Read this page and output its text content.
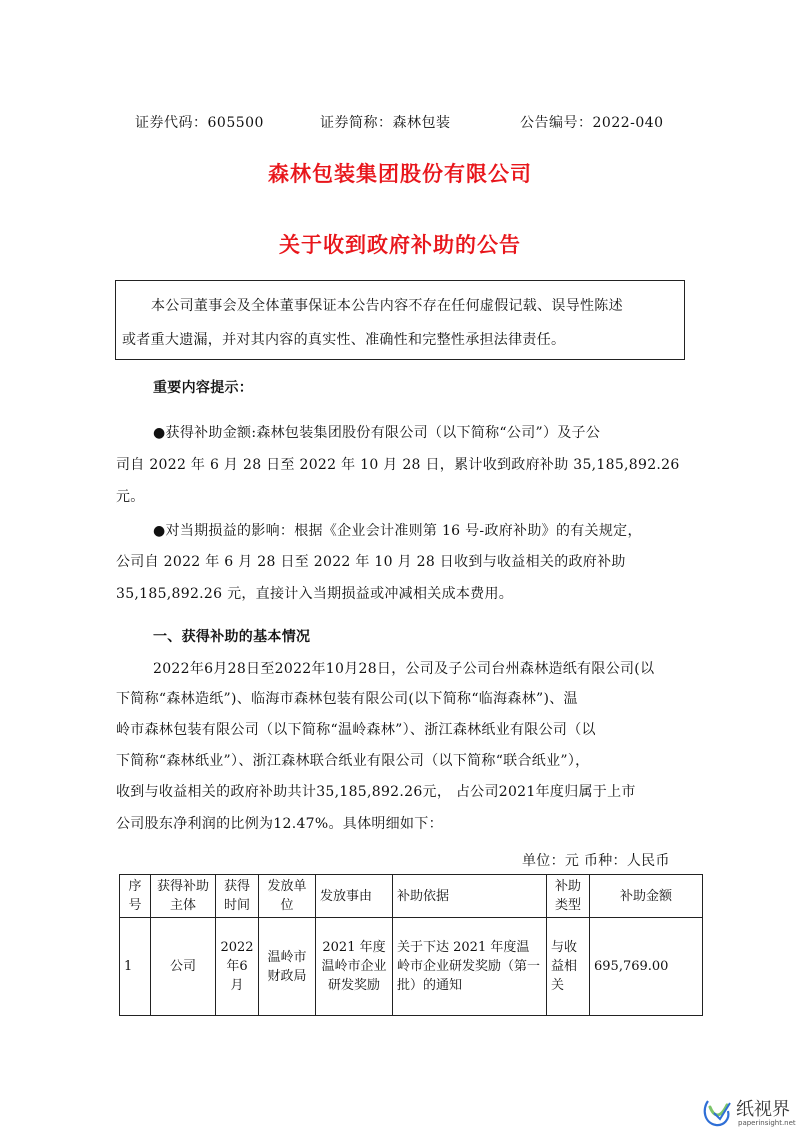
证券代码：605500	证券简称：森林包装	公告编号：2022-040
森林包装集团股份有限公司
关于收到政府补助的公告
本公司董事会及全体董事保证本公告内容不存在任何虚假记载、误导性陈述
或者重大遗漏，并对其内容的真实性、准确性和完整性承担法律责任。
重要内容提示：
●获得补助金额:森林包装集团股份有限公司（以下简称“公司”）及子公
司自 2022 年 6 月 28 日至 2022 年 10 月 28 日，累计收到政府补助 35,185,892.26
元。
●对当期损益的影响：根据《企业会计准则第 16 号-政府补助》的有关规定，
公司自 2022 年 6 月 28 日至 2022 年 10 月 28 日收到与收益相关的政府补助
35,185,892.26 元，直接计入当期损益或冲减相关成本费用。
一、获得补助的基本情况
2022年6月28日至2022年10月28日，公司及子公司台州森林造纸有限公司(以
下简称“森林造纸”)、临海市森林包装有限公司(以下简称“临海森林”)、温
岭市森林包装有限公司（以下简称“温岭森林”）、浙江森林纸业有限公司（以
下简称“森林纸业”）、浙江森林联合纸业有限公司（以下简称“联合纸业”），
收到与收益相关的政府补助共计35,185,892.26元， 占公司2021年度归属于上市
公司股东净利润的比例为12.47%。具体明细如下：
单位：元 币种：人民币
序号	获得补助主体	获得时间	发放单位	发放事由	补助依据	补助类型	补助金额
1	公司	2022年6月	温岭市财政局	2021 年度温岭市企业研发奖励	关于下达 2021 年度温岭市企业研发奖励（第一批）的通知	与收益相关	695,769.00
纸视界
paperinsight.net
